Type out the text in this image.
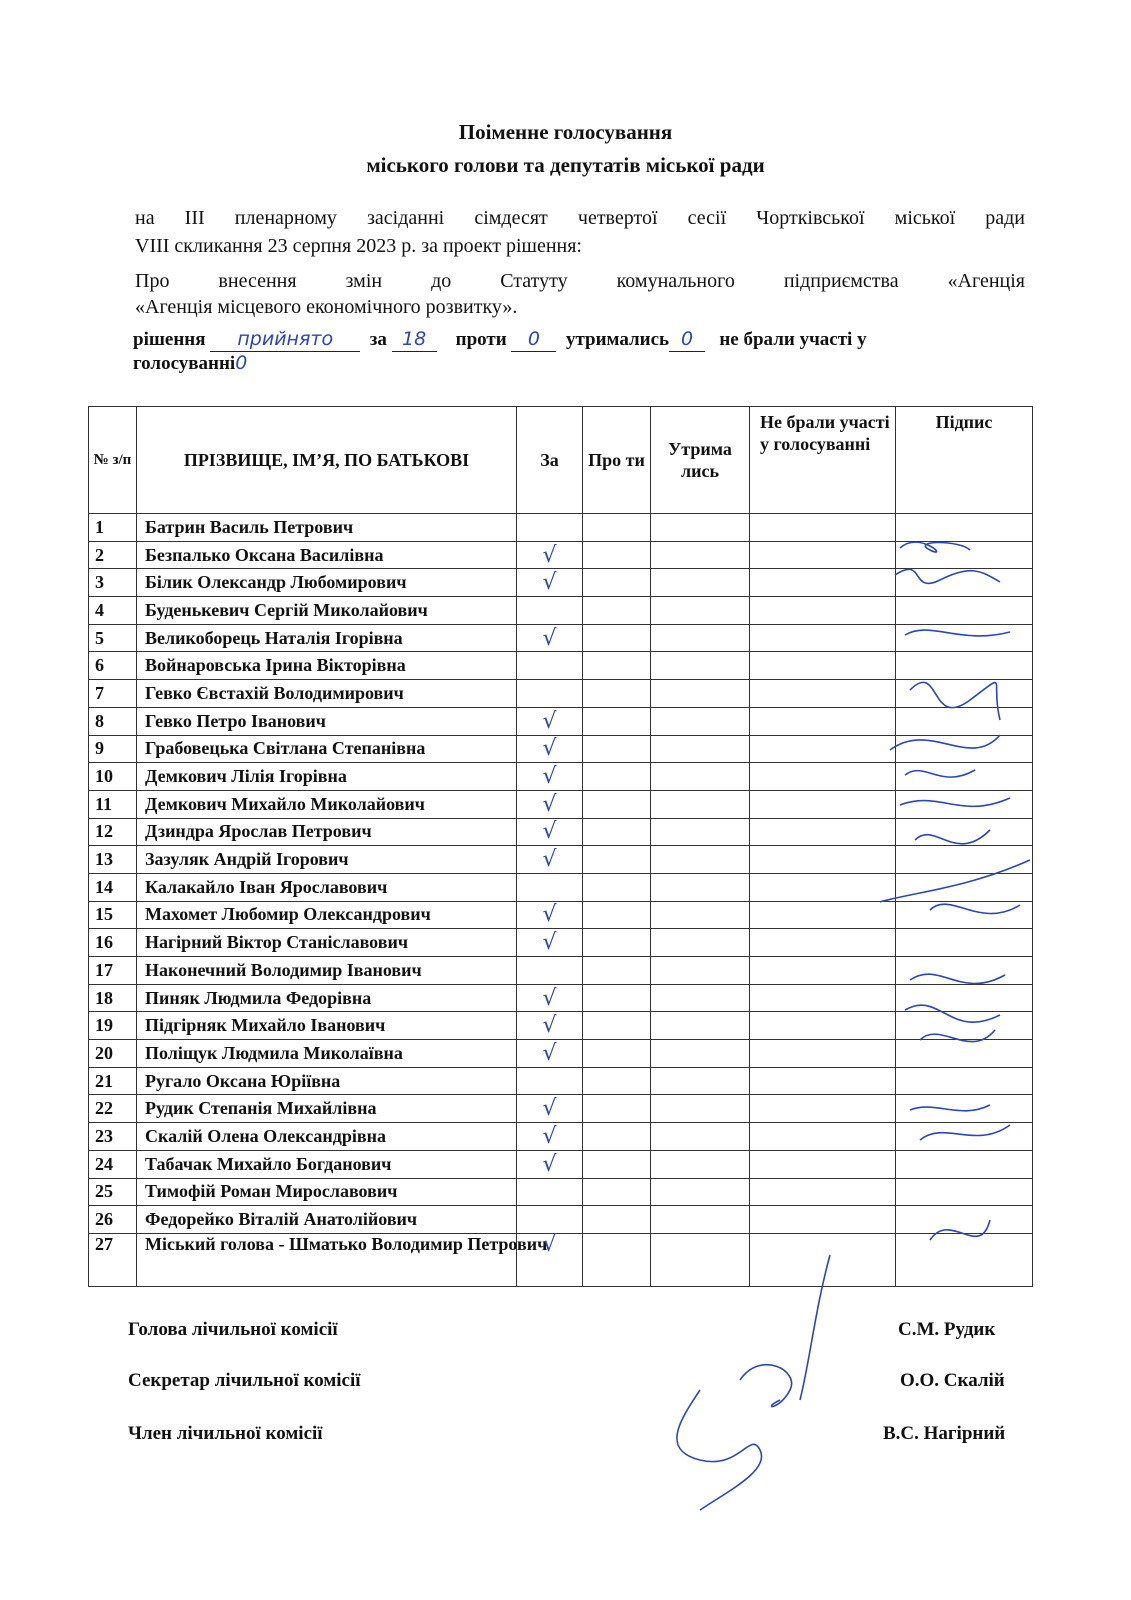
Поіменне голосування
міського голови та депутатів міської ради
на III пленарному засіданні сімдесят четвертої сесії Чортківської міської ради
VIII скликання 23 серпня 2023 р. за проект рішення:
Про внесення змін до Статуту комунального підприємства «Агенція
«Агенція місцевого економічного розвитку».
рішення прийнято за 18 проти 0 утримались 0 не брали участі у
голосуванні0
№ з/п	ПРІЗВИЩЕ, ІМ’Я, ПО БАТЬКОВІ	За	Про ти	Утрима лись	Не брали участі у голосуванні	Підпис
1	Батрин Василь Петрович					
2	Безпалько Оксана Василівна	√				
3	Білик Олександр Любомирович	√				
4	Буденькевич Сергій Миколайович					
5	Великоборець Наталія Ігорівна	√				
6	Войнаровська Ірина Вікторівна					
7	Гевко Євстахій Володимирович					
8	Гевко Петро Іванович	√				
9	Грабовецька Світлана Степанівна	√				
10	Демкович Лілія Ігорівна	√				
11	Демкович Михайло Миколайович	√				
12	Дзиндра Ярослав Петрович	√				
13	Зазуляк Андрій Ігорович	√				
14	Калакайло Іван Ярославович					
15	Махомет Любомир Олександрович	√				
16	Нагірний Віктор Станіславович	√				
17	Наконечний Володимир Іванович					
18	Пиняк Людмила Федорівна	√				
19	Підгірняк Михайло Іванович	√				
20	Поліщук Людмила Миколаївна	√				
21	Ругало Оксана Юріївна					
22	Рудик Степанія Михайлівна	√				
23	Скалій Олена Олександрівна	√				
24	Табачак Михайло Богданович	√				
25	Тимофій Роман Мирославович					
26	Федорейко Віталій Анатолійович					
27	Міський голова - Шматько Володимир Петрович	√				
Голова лічильної комісії	С.М. Рудик
Секретар лічильної комісії	О.О. Скалій
Член лічильної комісії	В.С. Нагірний
